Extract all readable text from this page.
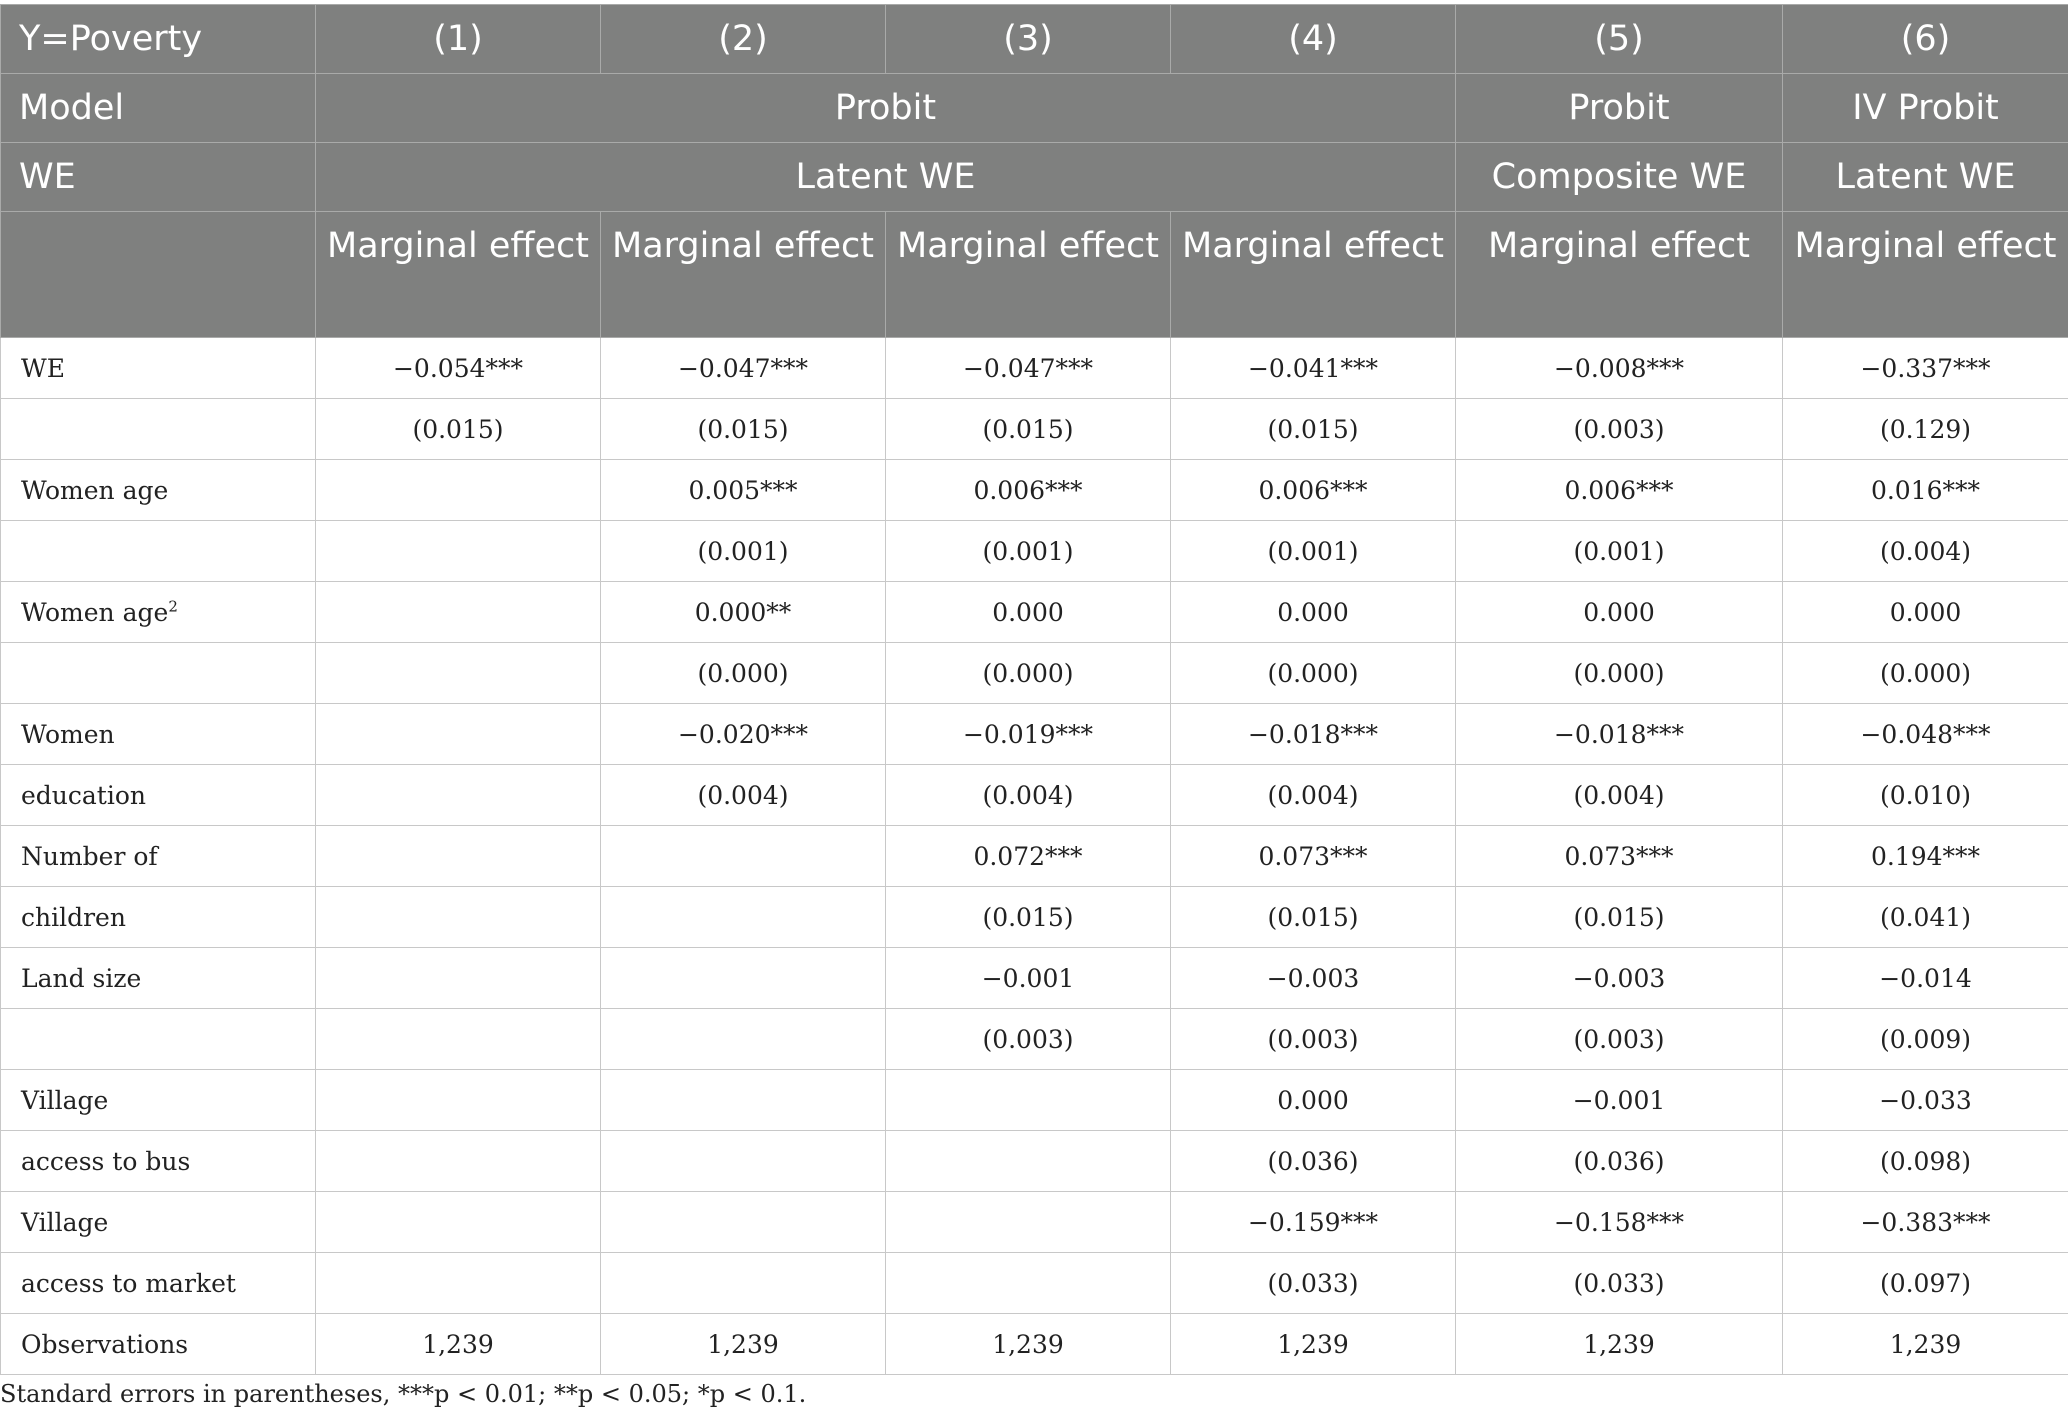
Y=Poverty	(1)	(2)	(3)	(4)	(5)	(6)
Model	Probit				Probit	IV Probit
WE	Latent WE				Composite WE	Latent WE
	Marginal effect	Marginal effect	Marginal effect	Marginal effect	Marginal effect	Marginal effect
WE	−0.054***	−0.047***	−0.047***	−0.041***	−0.008***	−0.337***
	(0.015)	(0.015)	(0.015)	(0.015)	(0.003)	(0.129)
Women age		0.005***	0.006***	0.006***	0.006***	0.016***
		(0.001)	(0.001)	(0.001)	(0.001)	(0.004)
Women age$^2$		0.000**	0.000	0.000	0.000	0.000
		(0.000)	(0.000)	(0.000)	(0.000)	(0.000)
Women		−0.020***	−0.019***	−0.018***	−0.018***	−0.048***
education		(0.004)	(0.004)	(0.004)	(0.004)	(0.010)
Number of			0.072***	0.073***	0.073***	0.194***
children			(0.015)	(0.015)	(0.015)	(0.041)
Land size			−0.001	−0.003	−0.003	−0.014
			(0.003)	(0.003)	(0.003)	(0.009)
Village				0.000	−0.001	−0.033
access to bus				(0.036)	(0.036)	(0.098)
Village				−0.159***	−0.158***	−0.383***
access to market				(0.033)	(0.033)	(0.097)
Observations	1,239	1,239	1,239	1,239	1,239	1,239
Standard errors in parentheses, ***p < 0.01; **p < 0.05; *p < 0.1.
